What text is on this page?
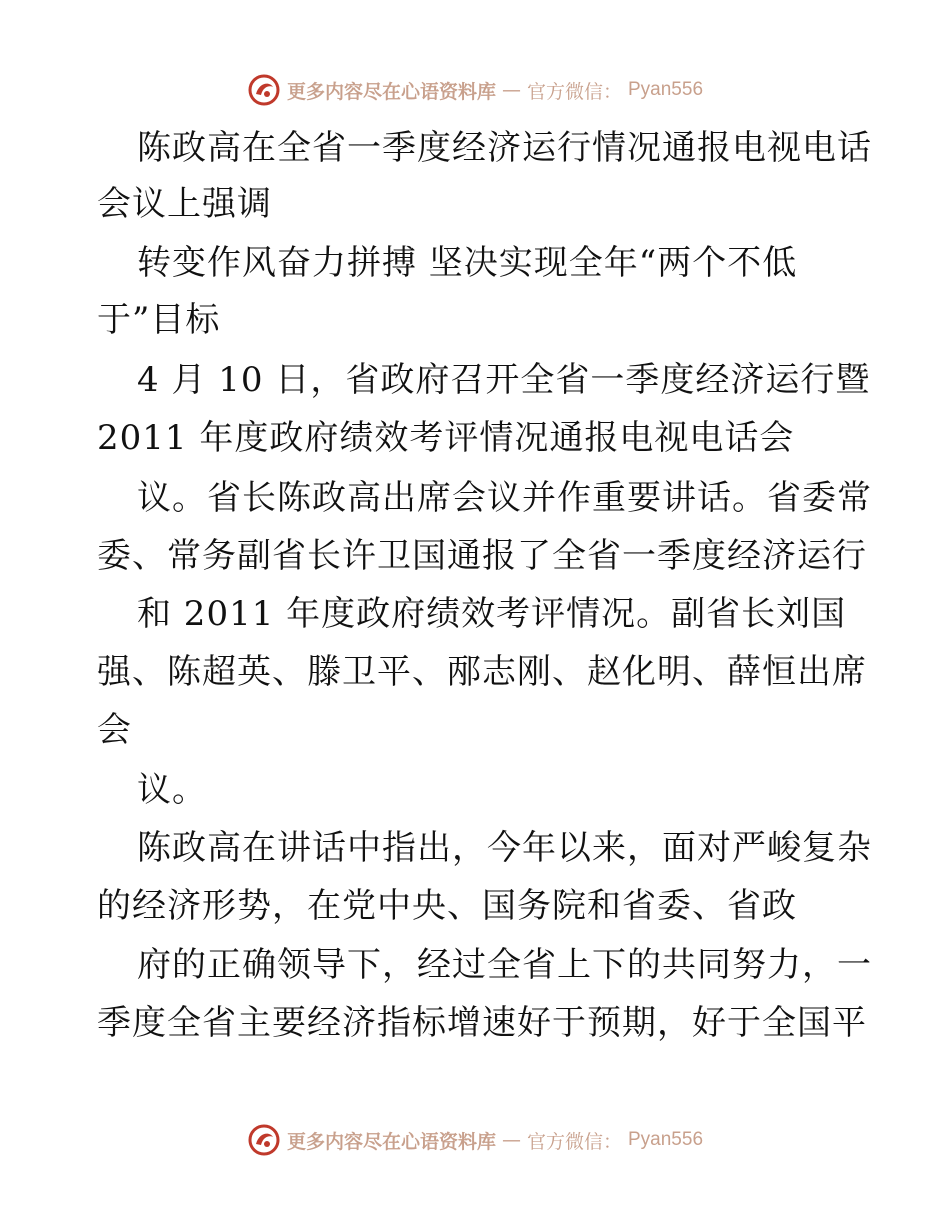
更多内容尽在心语资料库 — 官方微信： Pyan556
陈政高在全省一季度经济运行情况通报电视电话
会议上强调
转变作风奋力拼搏 坚决实现全年“两个不低
于”目标
4 月 10 日，省政府召开全省一季度经济运行暨
2011 年度政府绩效考评情况通报电视电话会
议。省长陈政高出席会议并作重要讲话。省委常
委、常务副省长许卫国通报了全省一季度经济运行
和 2011 年度政府绩效考评情况。副省长刘国
强、陈超英、滕卫平、邴志刚、赵化明、薛恒出席
会
议。
陈政高在讲话中指出，今年以来，面对严峻复杂
的经济形势，在党中央、国务院和省委、省政
府的正确领导下，经过全省上下的共同努力，一
季度全省主要经济指标增速好于预期，好于全国平
更多内容尽在心语资料库 — 官方微信： Pyan556
